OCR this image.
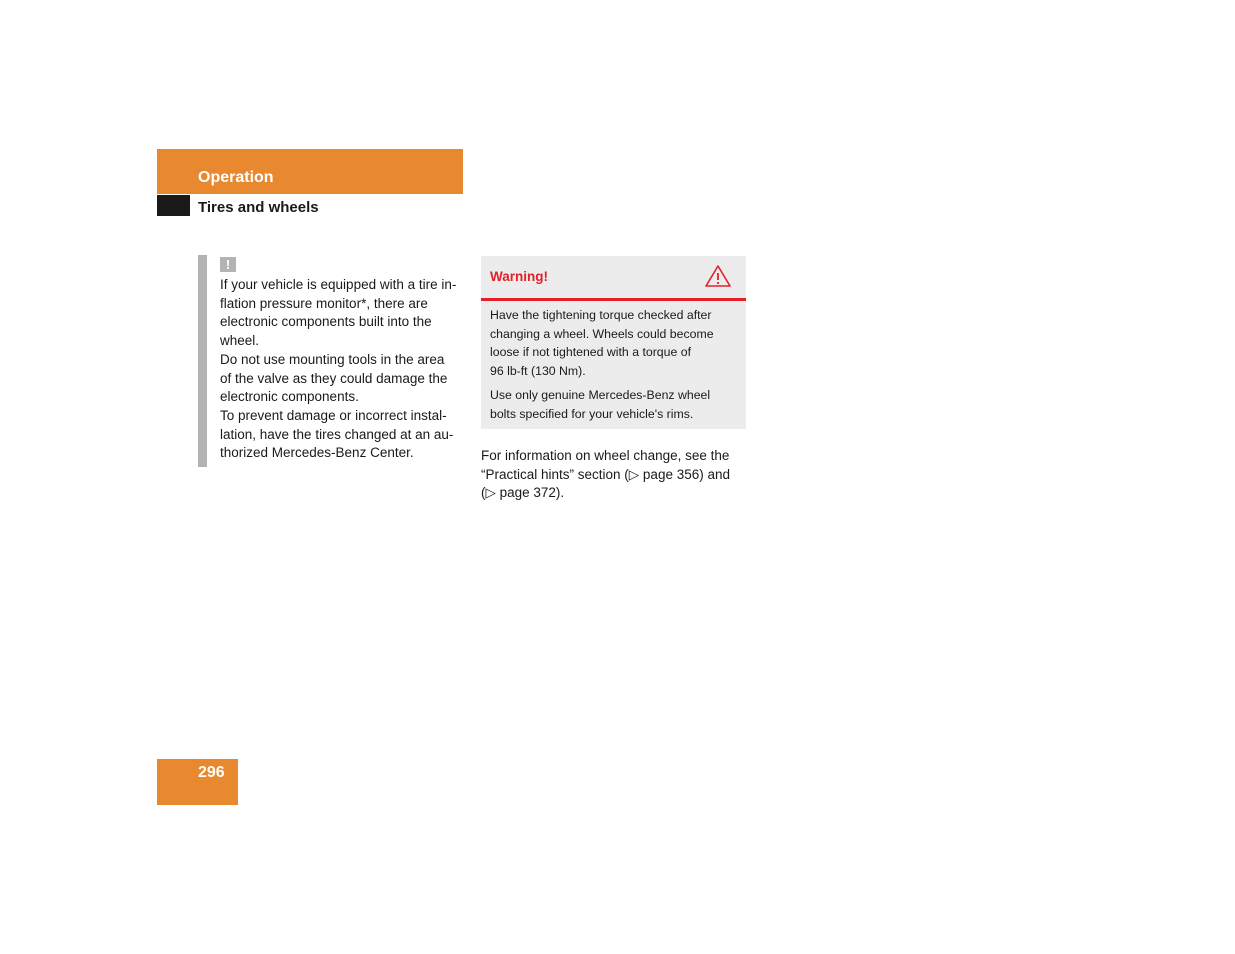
Operation
Tires and wheels
!

If your vehicle is equipped with a tire in-

flation pressure monitor*, there are

electronic components built into the

wheel.

Do not use mounting tools in the area

of the valve as they could damage the

electronic components.

To prevent damage or incorrect instal-

lation, have the tires changed at an au-

thorized Mercedes-Benz Center.

Warning!

Have the tightening torque checked after
changing a wheel. Wheels could become
loose if not tightened with a torque of
96 lb-ft (130 Nm).

Use only genuine Mercedes-Benz wheel
bolts specified for your vehicle's rims.

For information on wheel change, see the
“Practical hints” section (▷ page 356) and
(▷ page 372).
296
